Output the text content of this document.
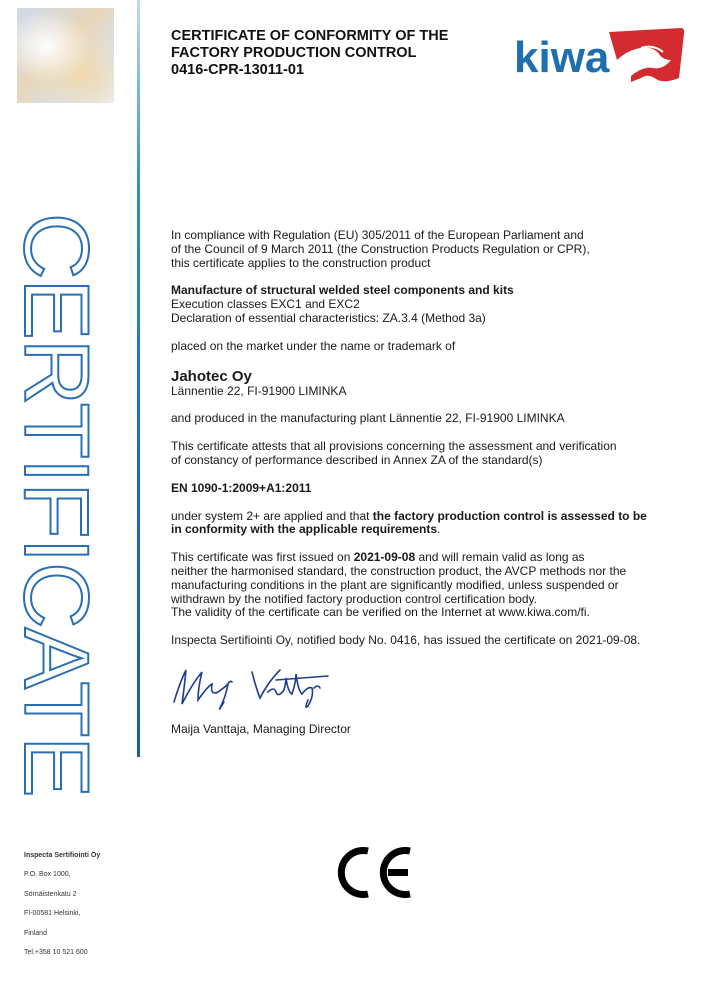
CERTIFICATE
CERTIFICATE OF CONFORMITY OF THE
FACTORY PRODUCTION CONTROL
0416-CPR-13011-01	kiwa

In compliance with Regulation (EU) 305/2011 of the European Parliament and

of the Council of 9 March 2011 (the Construction Products Regulation or CPR),

this certificate applies to the construction product

Manufacture of structural welded steel components and kits

Execution classes EXC1 and EXC2

Declaration of essential characteristics: ZA.3.4 (Method 3a)

placed on the market under the name or trademark of

Jahotec Oy

Lännentie 22, FI-91900 LIMINKA

and produced in the manufacturing plant Lännentie 22, FI-91900 LIMINKA

This certificate attests that all provisions concerning the assessment and verification

of constancy of performance described in Annex ZA of the standard(s)

EN 1090-1:2009+A1:2011

under system 2+ are applied and that the factory production control is assessed to be

in conformity with the applicable requirements.

This certificate was first issued on 2021-09-08 and will remain valid as long as

neither the harmonised standard, the construction product, the AVCP methods nor the

manufacturing conditions in the plant are significantly modified, unless suspended or

withdrawn by the notified factory production control certification body.

The validity of the certificate can be verified on the Internet at www.kiwa.com/fi.

Inspecta Sertifiointi Oy, notified body No. 0416, has issued the certificate on 2021-09-08.

Maija Vanttaja, Managing Director
Inspecta Sertifiointi Oy
P.O. Box 1000,
Sörnäistenkatu 2
FI-00581 Helsinki,
Finland
Tel.+358 10 521 600
